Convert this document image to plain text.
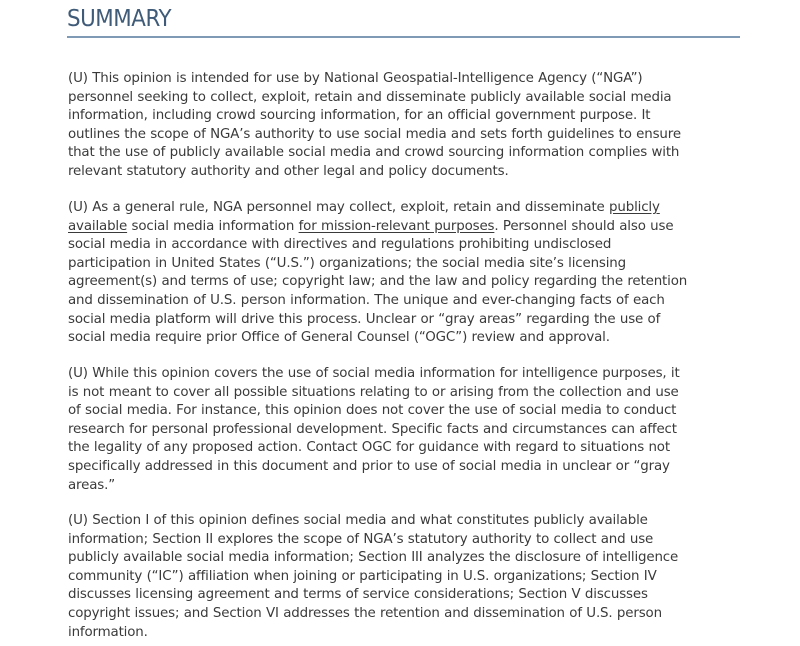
SUMMARY

(U) This opinion is intended for use by National Geospatial-Intelligence Agency (“NGA”)
personnel seeking to collect, exploit, retain and disseminate publicly available social media
information, including crowd sourcing information, for an official government purpose. It
outlines the scope of NGA’s authority to use social media and sets forth guidelines to ensure
that the use of publicly available social media and crowd sourcing information complies with
relevant statutory authority and other legal and policy documents.

(U) As a general rule, NGA personnel may collect, exploit, retain and disseminate publicly
available social media information for mission-relevant purposes. Personnel should also use
social media in accordance with directives and regulations prohibiting undisclosed
participation in United States (“U.S.”) organizations; the social media site’s licensing
agreement(s) and terms of use; copyright law; and the law and policy regarding the retention
and dissemination of U.S. person information. The unique and ever-changing facts of each
social media platform will drive this process. Unclear or “gray areas” regarding the use of
social media require prior Office of General Counsel (“OGC”) review and approval.

(U) While this opinion covers the use of social media information for intelligence purposes, it
is not meant to cover all possible situations relating to or arising from the collection and use
of social media. For instance, this opinion does not cover the use of social media to conduct
research for personal professional development. Specific facts and circumstances can affect
the legality of any proposed action. Contact OGC for guidance with regard to situations not
specifically addressed in this document and prior to use of social media in unclear or “gray
areas.”

(U) Section I of this opinion defines social media and what constitutes publicly available
information; Section II explores the scope of NGA’s statutory authority to collect and use
publicly available social media information; Section III analyzes the disclosure of intelligence
community (“IC”) affiliation when joining or participating in U.S. organizations; Section IV
discusses licensing agreement and terms of service considerations; Section V discusses
copyright issues; and Section VI addresses the retention and dissemination of U.S. person
information.
